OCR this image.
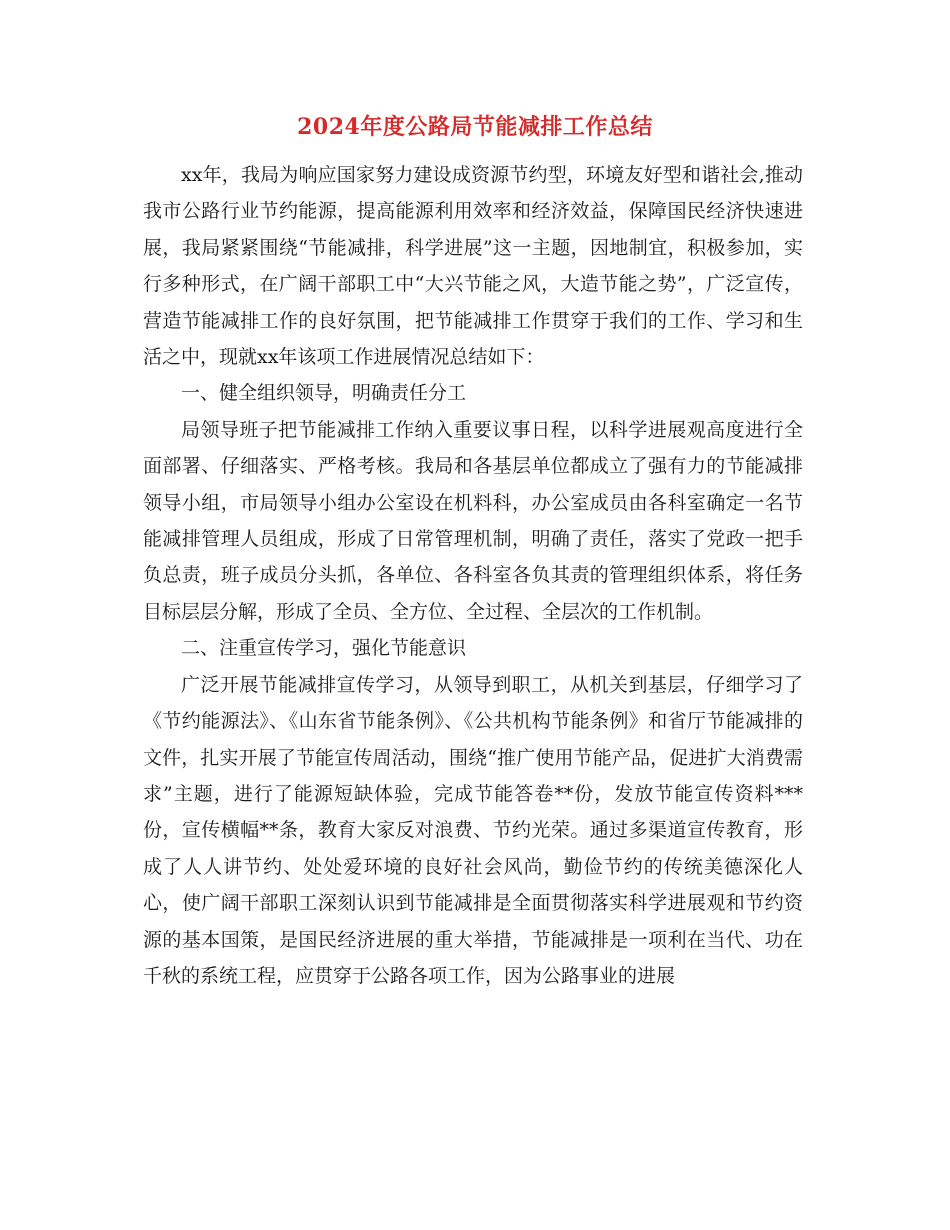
2024年度公路局节能减排工作总结

xx年，我局为响应国家努力建设成资源节约型，环境友好型和谐社会,推动我市公路行业节约能源，提高能源利用效率和经济效益，保障国民经济快速进展，我局紧紧围绕“节能减排，科学进展”这一主题，因地制宜，积极参加，实行多种形式，在广阔干部职工中“大兴节能之风，大造节能之势”，广泛宣传，营造节能减排工作的良好氛围，把节能减排工作贯穿于我们的工作、学习和生活之中，现就xx年该项工作进展情况总结如下：

一、健全组织领导，明确责任分工

局领导班子把节能减排工作纳入重要议事日程，以科学进展观高度进行全面部署、仔细落实、严格考核。我局和各基层单位都成立了强有力的节能减排领导小组，市局领导小组办公室设在机料科，办公室成员由各科室确定一名节能减排管理人员组成，形成了日常管理机制，明确了责任，落实了党政一把手负总责，班子成员分头抓，各单位、各科室各负其责的管理组织体系，将任务目标层层分解，形成了全员、全方位、全过程、全层次的工作机制。

二、注重宣传学习，强化节能意识

广泛开展节能减排宣传学习，从领导到职工，从机关到基层，仔细学习了《节约能源法》、《山东省节能条例》、《公共机构节能条例》和省厅节能减排的文件，扎实开展了节能宣传周活动，围绕“推广使用节能产品，促进扩大消费需求”主题，进行了能源短缺体验，完成节能答卷**份，发放节能宣传资料***份，宣传横幅**条，教育大家反对浪费、节约光荣。通过多渠道宣传教育，形成了人人讲节约、处处爱环境的良好社会风尚，勤俭节约的传统美德深化人心，使广阔干部职工深刻认识到节能减排是全面贯彻落实科学进展观和节约资源的基本国策，是国民经济进展的重大举措，节能减排是一项利在当代、功在千秋的系统工程，应贯穿于公路各项工作，因为公路事业的进展
